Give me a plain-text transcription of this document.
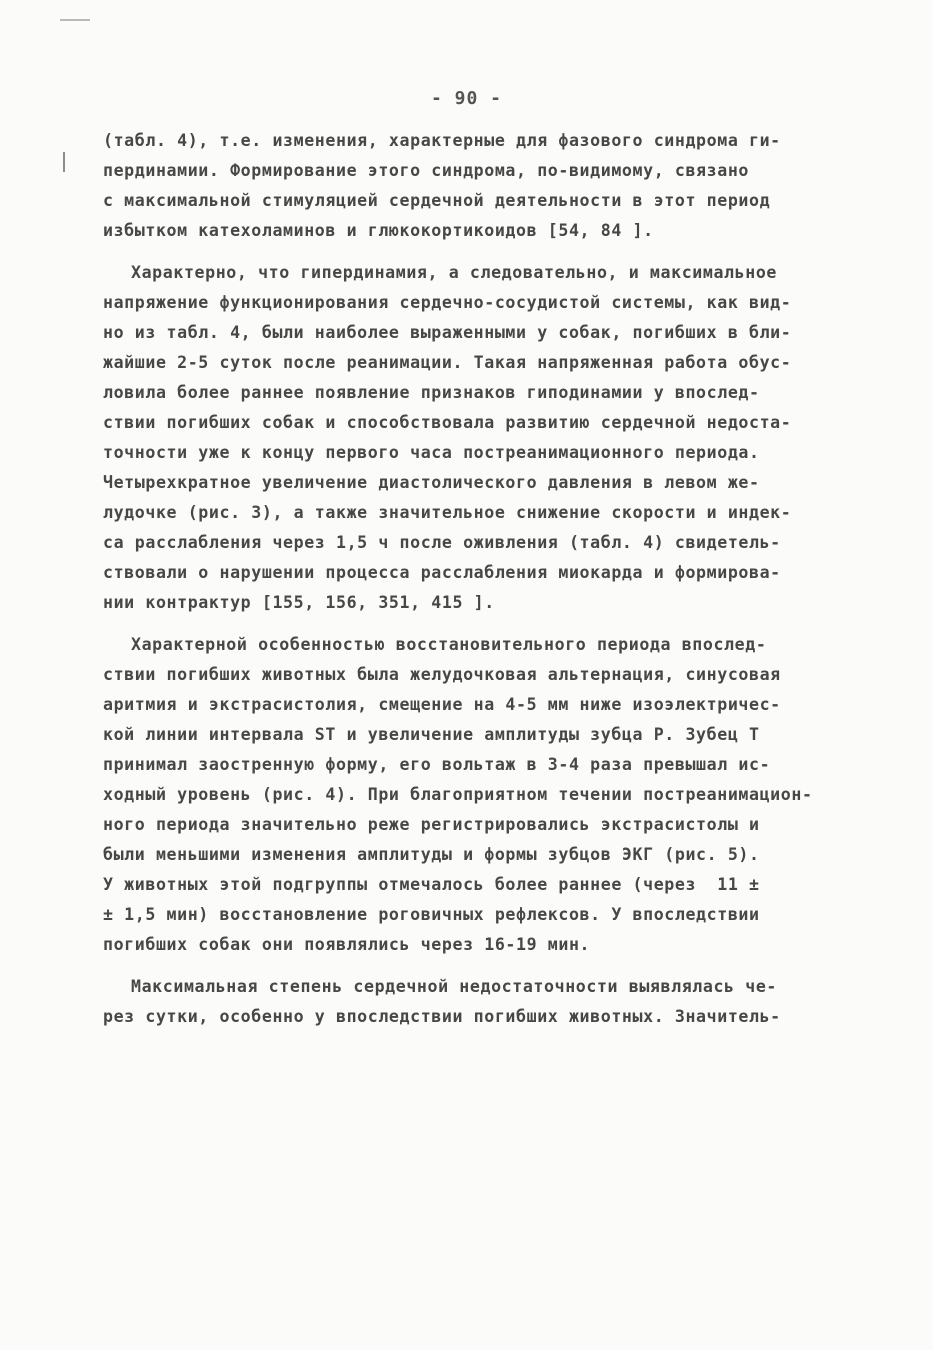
- 90 -
(табл. 4), т.е. изменения, характерные для фазового синдрома ги-
пердинамии. Формирование этого синдрома, по-видимому, связано
с максимальной стимуляцией сердечной деятельности в этот период
избытком катехоламинов и глюкокортикоидов [54, 84 ].
Характерно, что гипердинамия, а следовательно, и максимальное
напряжение функционирования сердечно-сосудистой системы, как вид-
но из табл. 4, были наиболее выраженными у собак, погибших в бли-
жайшие 2-5 суток после реанимации. Такая напряженная работа обус-
ловила более раннее появление признаков гиподинамии у впослед-
ствии погибших собак и способствовала развитию сердечной недоста-
точности уже к концу первого часа постреанимационного периода.
Четырехкратное увеличение диастолического давления в левом же-
лудочке (рис. 3), а также значительное снижение скорости и индек-
са расслабления через 1,5 ч после оживления (табл. 4) свидетель-
ствовали о нарушении процесса расслабления миокарда и формирова-
нии контрактур [155, 156, 351, 415 ].
Характерной особенностью восстановительного периода впослед-
ствии погибших животных была желудочковая альтернация, синусовая
аритмия и экстрасистолия, смещение на 4-5 мм ниже изоэлектричес-
кой линии интервала ST и увеличение амплитуды зубца Р. Зубец Т
принимал заостренную форму, его вольтаж в 3-4 раза превышал ис-
ходный уровень (рис. 4). При благоприятном течении постреанимацион-
ного периода значительно реже регистрировались экстрасистолы и
были меньшими изменения амплитуды и формы зубцов ЭКГ (рис. 5).
У животных этой подгруппы отмечалось более раннее (через  11 ±
± 1,5 мин) восстановление роговичных рефлексов. У впоследствии
погибших собак они появлялись через 16-19 мин.
Максимальная степень сердечной недостаточности выявлялась че-
рез сутки, особенно у впоследствии погибших животных. Значитель-
